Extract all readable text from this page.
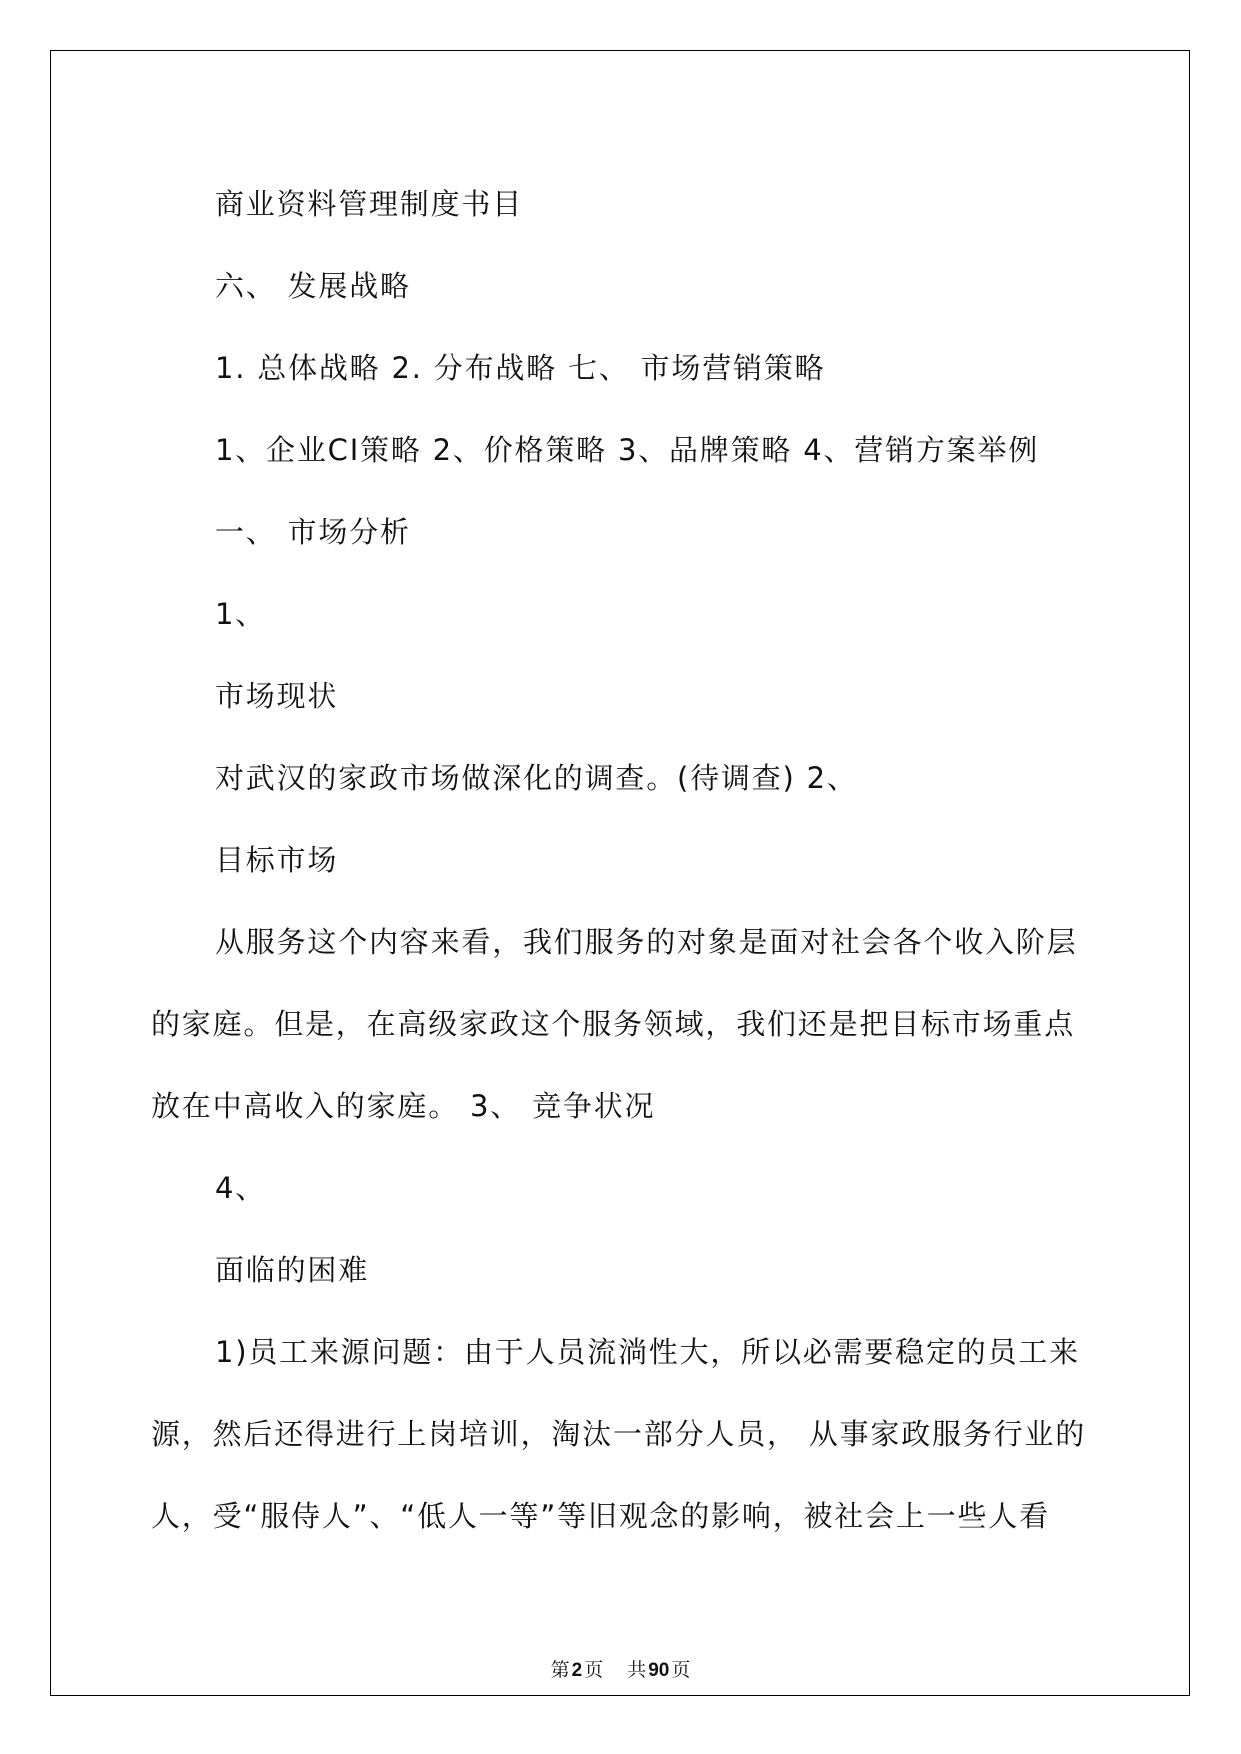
商业资料管理制度书目

六、 发展战略

1. 总体战略 2. 分布战略 七、 市场营销策略

1、企业CI策略 2、价格策略 3、品牌策略 4、营销方案举例

一、 市场分析

1、

市场现状

对武汉的家政市场做深化的调查。(待调查) 2、

目标市场

从服务这个内容来看，我们服务的对象是面对社会各个收入阶层

的家庭。但是，在高级家政这个服务领域，我们还是把目标市场重点

放在中高收入的家庭。 3、 竞争状况

4、

面临的困难

1)员工来源问题：由于人员流淌性大，所以必需要稳定的员工来

源，然后还得进行上岗培训，淘汰一部分人员， 从事家政服务行业的

人，受“服侍人”、“低人一等”等旧观念的影响，被社会上一些人看

第 2 页 共 90 页
